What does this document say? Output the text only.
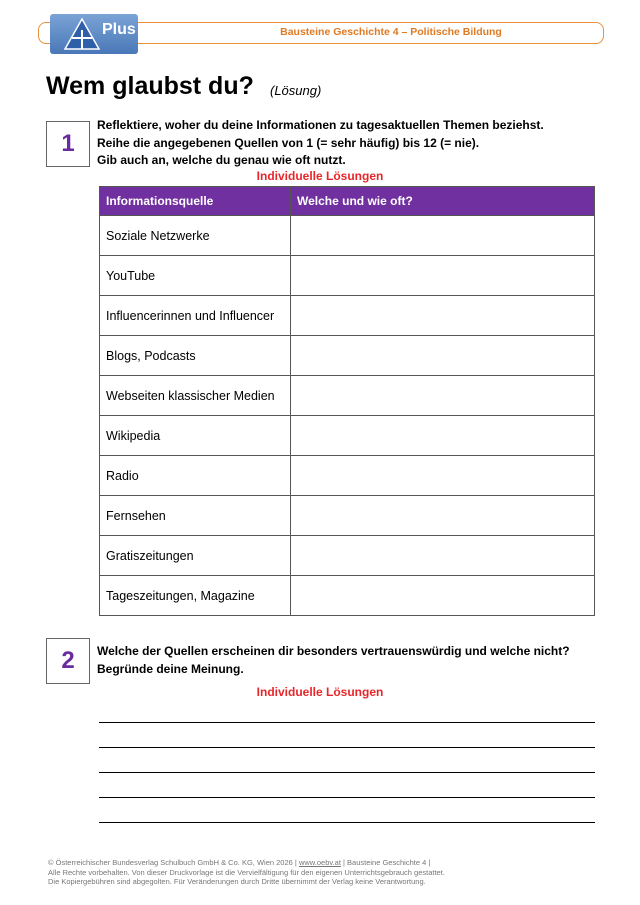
Bausteine Geschichte 4 – Politische Bildung
Plus
Wem glaubst du? (Lösung)
1
Reflektiere, woher du deine Informationen zu tagesaktuellen Themen beziehst.
Reihe die angegebenen Quellen von 1 (= sehr häufig) bis 12 (= nie).
Gib auch an, welche du genau wie oft nutzt.
Individuelle Lösungen
Informationsquelle	Welche und wie oft?
Soziale Netzwerke	
YouTube	
Influencerinnen und Influencer	
Blogs, Podcasts	
Webseiten klassischer Medien	
Wikipedia	
Radio	
Fernsehen	
Gratiszeitungen	
Tageszeitungen, Magazine	
2	Welche der Quellen erscheinen dir besonders vertrauenswürdig und welche nicht?
Begründe deine Meinung.
Individuelle Lösungen
© Österreichischer Bundesverlag Schulbuch GmbH & Co. KG, Wien 2026 | www.oebv.at | Bausteine Geschichte 4 |
Alle Rechte vorbehalten. Von dieser Druckvorlage ist die Vervielfältigung für den eigenen Unterrichtsgebrauch gestattet.
Die Kopiergebühren sind abgegolten. Für Veränderungen durch Dritte übernimmt der Verlag keine Verantwortung.
